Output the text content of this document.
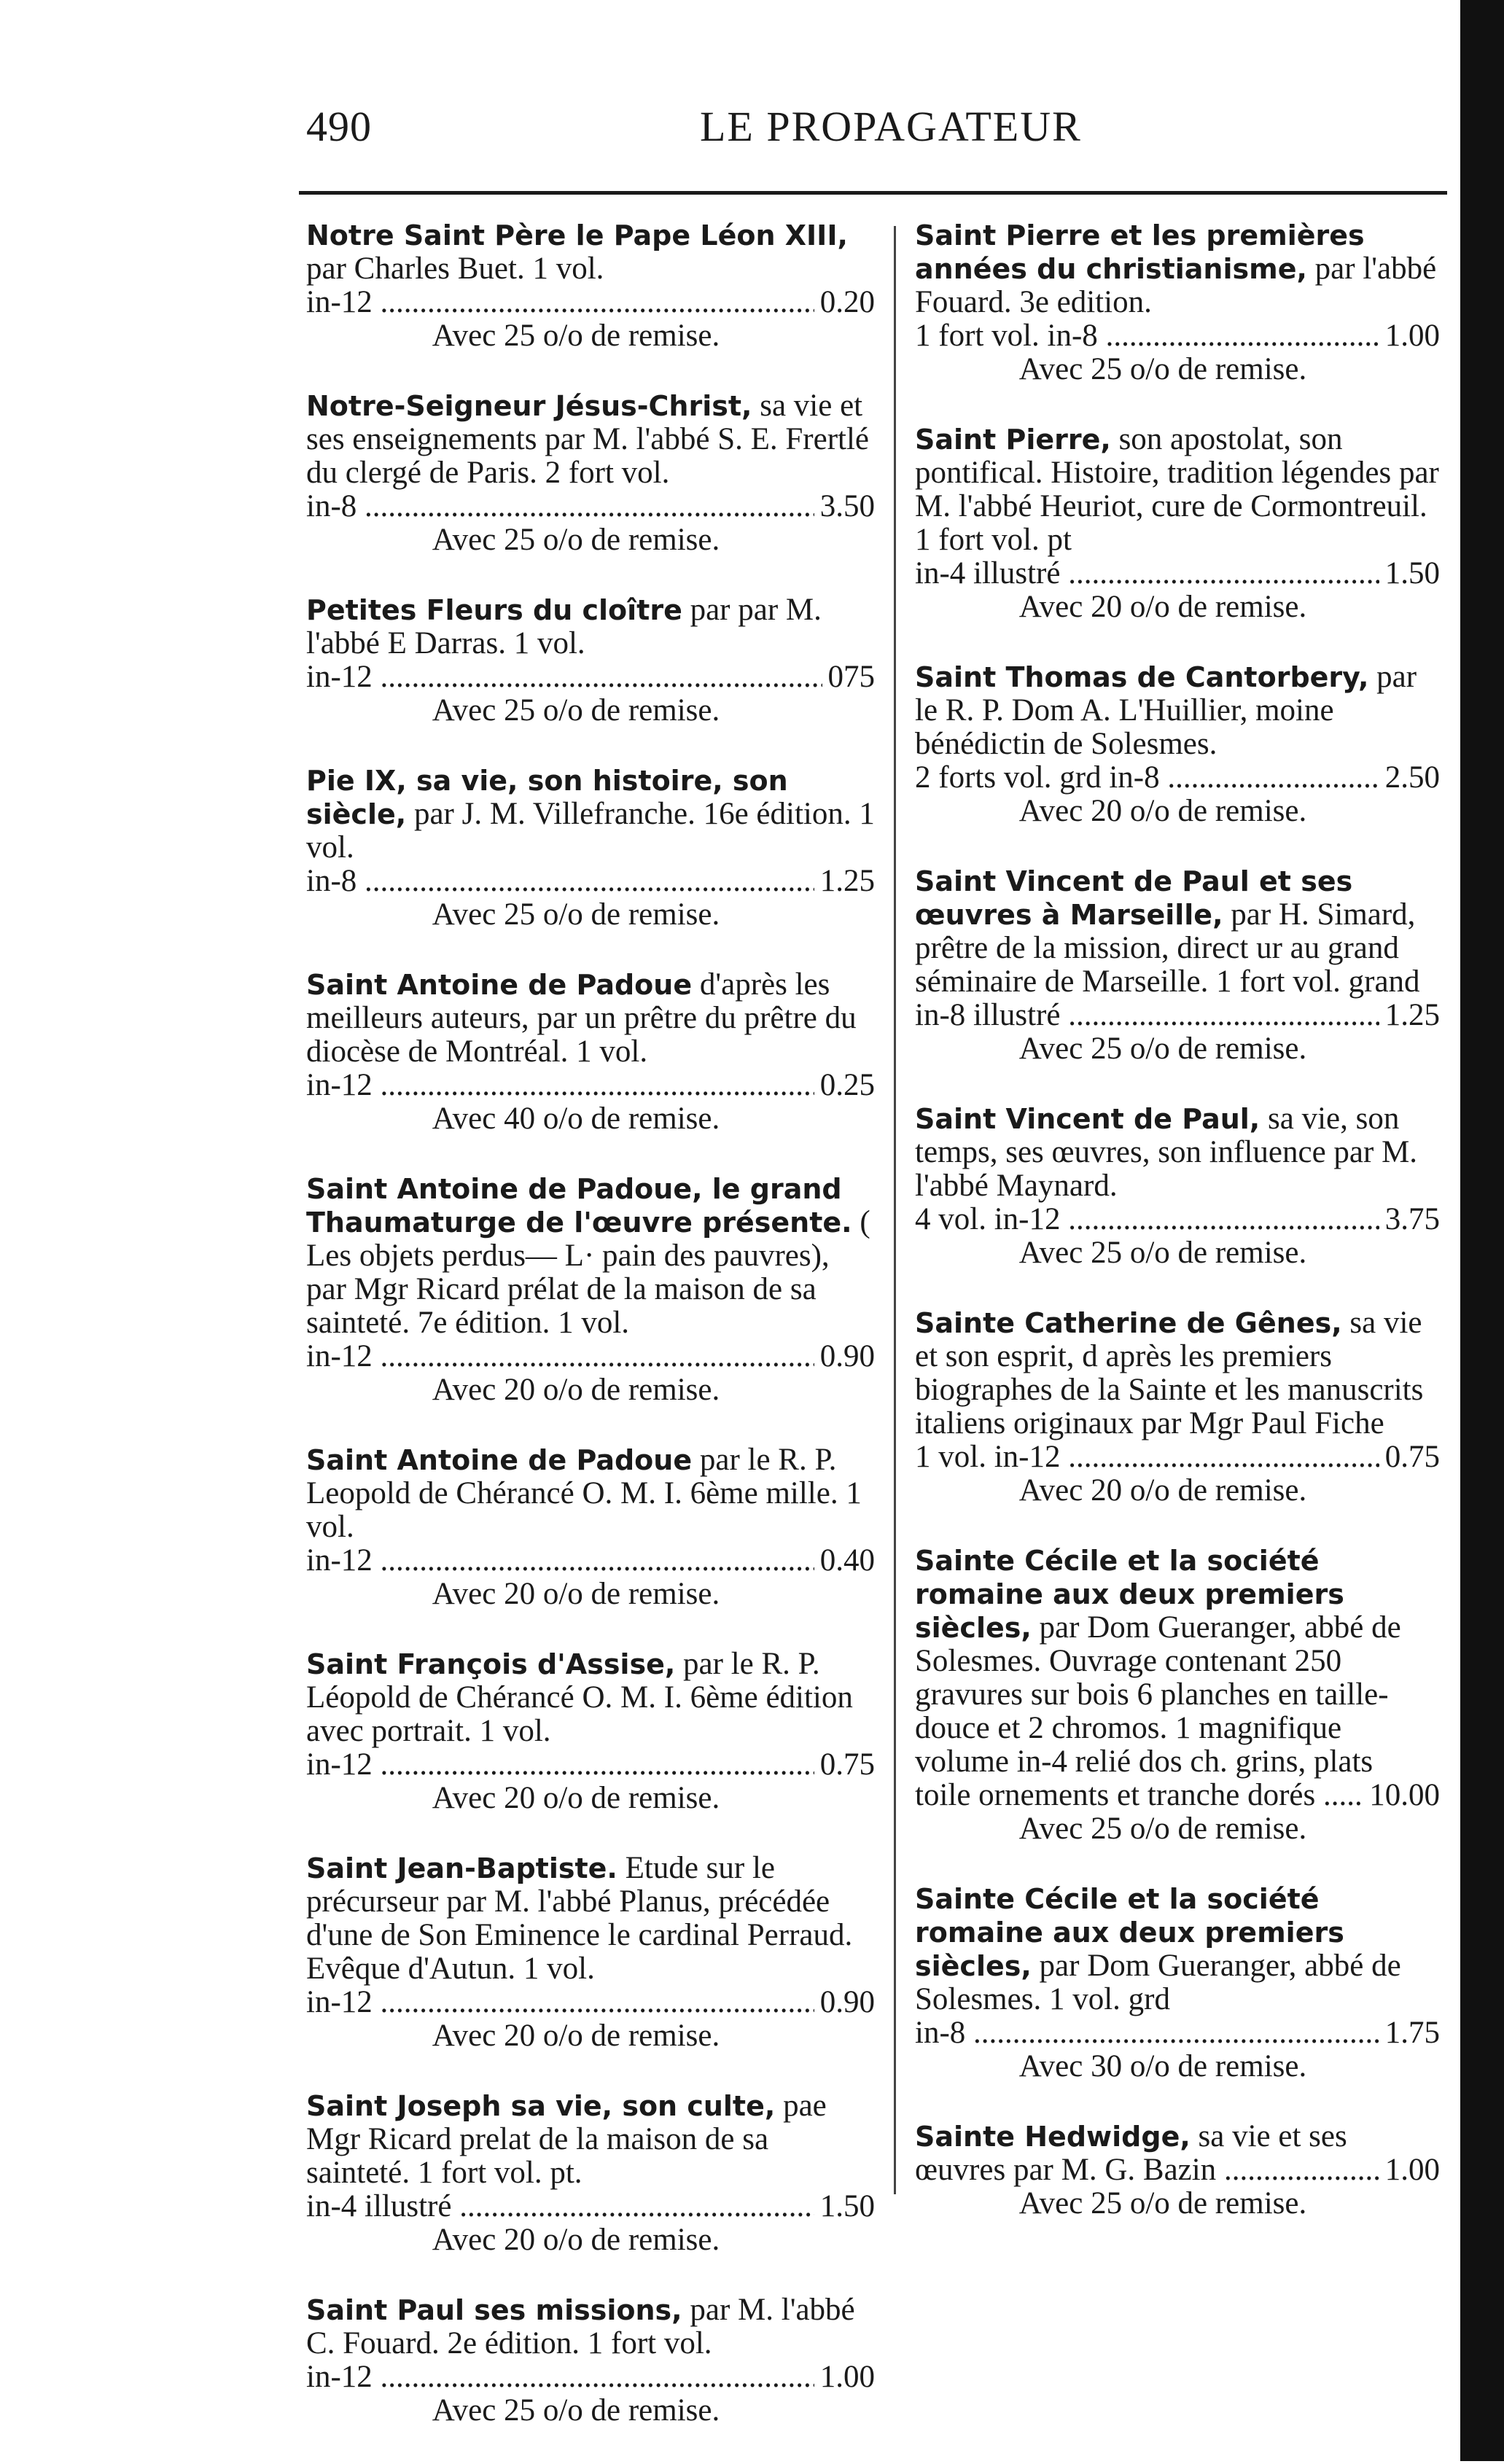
490	LE PROPAGATEUR
Notre Saint Père le Pape Léon XIII, par Charles Buet. 1 vol.
in-12 .....	0.20
Avec 25 o/o de remise.
Notre-Seigneur Jésus-Christ, sa vie et ses enseignements par M. l'abbé S. E. Frertlé du clergé de Paris. 2 fort vol.
in-8 .....	3.50
Avec 25 o/o de remise.
Petites Fleurs du cloître par par M. l'abbé E Darras. 1 vol.
in-12 .....	075
Avec 25 o/o de remise.
Pie IX, sa vie, son histoire, son siècle, par J. M. Villefranche. 16e édition. 1 vol.
in-8 .....	1.25
Avec 25 o/o de remise.
Saint Antoine de Padoue d'après les meilleurs auteurs, par un prêtre du prêtre du diocèse de Montréal. 1 vol.
in-12 .....	0.25
Avec 40 o/o de remise.
Saint Antoine de Padoue, le grand Thaumaturge de l'œuvre présente. ( Les objets perdus— L· pain des pauvres), par Mgr Ricard prélat de la maison de sa sainteté. 7e édition. 1 vol.
in-12 .....	0.90
Avec 20 o/o de remise.
Saint Antoine de Padoue par le R. P. Leopold de Chérancé O. M. I. 6ème mille. 1 vol.
in-12 .....	0.40
Avec 20 o/o de remise.
Saint François d'Assise, par le R. P. Léopold de Chérancé O. M. I. 6ème édition avec portrait. 1 vol.
in-12 .....	0.75
Avec 20 o/o de remise.
Saint Jean-Baptiste. Etude sur le précurseur par M. l'abbé Planus, précédée d'une de Son Eminence le cardinal Perraud. Evêque d'Autun. 1 vol.
in-12 .....	0.90
Avec 20 o/o de remise.
Saint Joseph sa vie, son culte, pae Mgr Ricard prelat de la maison de sa sainteté. 1 fort vol. pt.
in-4 illustré .....	1.50
Avec 20 o/o de remise.
Saint Paul ses missions, par M. l'abbé C. Fouard. 2e édition. 1 fort vol.
in-12 .....	1.00
Avec 25 o/o de remise.
Saint Pierre et les premières années du christianisme, par l'abbé Fouard. 3e edition.
1 fort vol. in-8 .....	1.00
Avec 25 o/o de remise.
Saint Pierre, son apostolat, son pontifical. Histoire, tradition légendes par M. l'abbé Heuriot, cure de Cormontreuil. 1 fort vol. pt
in-4 illustré .....	1.50
Avec 20 o/o de remise.
Saint Thomas de Cantorbery, par le R. P. Dom A. L'Huillier, moine bénédictin de Solesmes.
2 forts vol. grd in-8 .....	2.50
Avec 20 o/o de remise.
Saint Vincent de Paul et ses œuvres à Marseille, par H. Simard, prêtre de la mission, direct ur au grand séminaire de Marseille. 1 fort vol. grand
in-8 illustré .....	1.25
Avec 25 o/o de remise.
Saint Vincent de Paul, sa vie, son temps, ses œuvres, son influence par M. l'abbé Maynard.
4 vol. in-12 .....	3.75
Avec 25 o/o de remise.
Sainte Catherine de Gênes, sa vie et son esprit, d après les premiers biographes de la Sainte et les manuscrits italiens originaux par Mgr Paul Fiche
1 vol. in-12 .....	0.75
Avec 20 o/o de remise.
Sainte Cécile et la société romaine aux deux premiers siècles, par Dom Gueranger, abbé de Solesmes. Ouvrage contenant 250 gravures sur bois 6 planches en taille-douce et 2 chromos. 1 magnifique volume in-4 relié dos ch. grins, plats
toile ornements et tranche dorés .....	10.00
Avec 25 o/o de remise.
Sainte Cécile et la société romaine aux deux premiers siècles, par Dom Gueranger, abbé de Solesmes. 1 vol. grd
in-8 .....	1.75
Avec 30 o/o de remise.
Sainte Hedwidge, sa vie et ses
œuvres par M. G. Bazin .....	1.00
Avec 25 o/o de remise.
